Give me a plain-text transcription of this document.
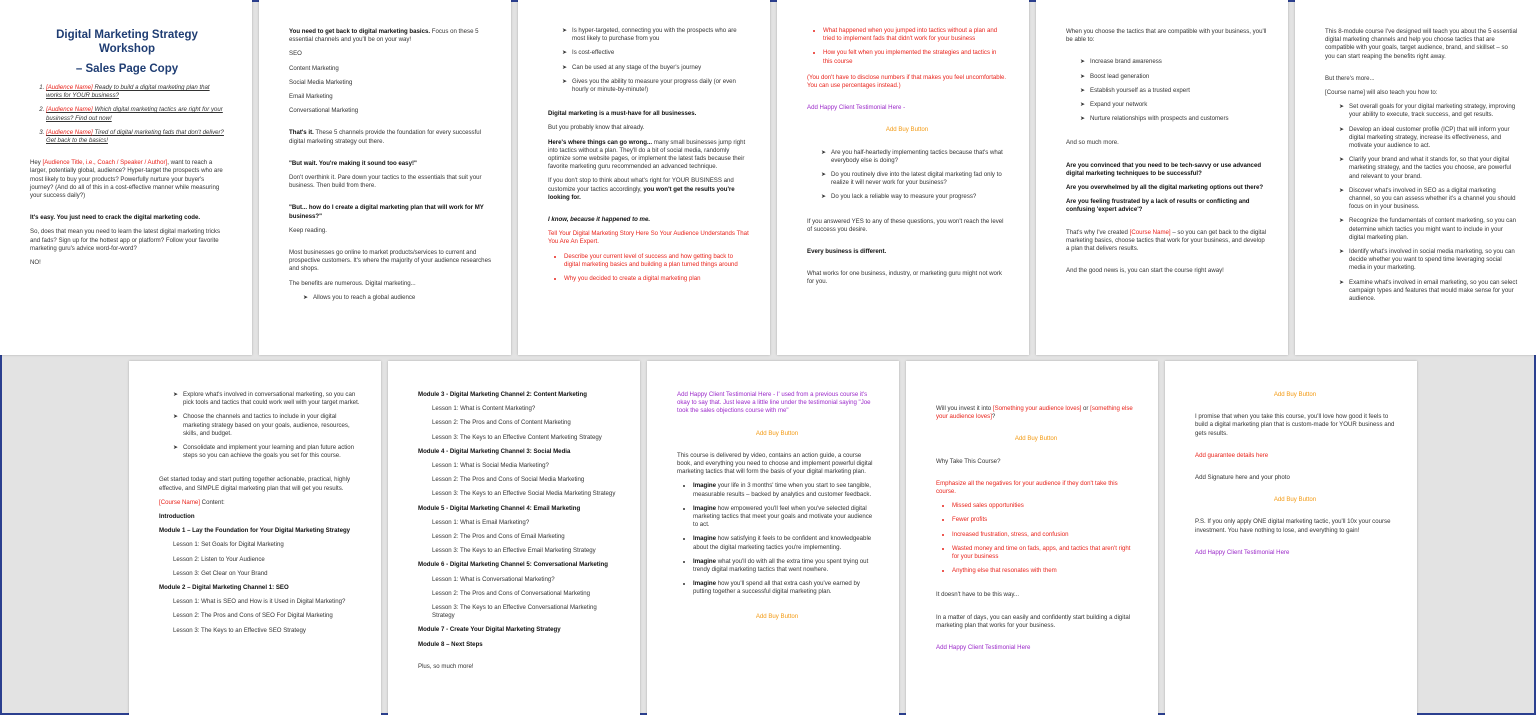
Digital Marketing Strategy
Workshop
– Sales Page Copy
1. [Audience Name] Ready to build a digital marketing plan that works for YOUR business?
2. [Audience Name] Which digital marketing tactics are right for your business? Find out now!
3. [Audience Name] Tired of digital marketing fads that don't deliver? Get back to the basics!

Hey [Audience Title, i.e., Coach / Speaker / Author], want to reach a larger, potentially global, audience? Hyper-target the prospects who are most likely to buy your products? Powerfully nurture your buyer's journey? (And do all of this in a cost-effective manner while measuring your success daily?)

It's easy. You just need to crack the digital marketing code.

So, does that mean you need to learn the latest digital marketing tricks and fads? Sign up for the hottest app or platform? Follow your favorite marketing guru's advice word-for-word?

NO!

You need to get back to digital marketing basics. Focus on these 5 essential channels and you'll be on your way!

SEO

Content Marketing

Social Media Marketing

Email Marketing

Conversational Marketing

That's it. These 5 channels provide the foundation for every successful digital marketing strategy out there.

"But wait. You're making it sound too easy!"

Don't overthink it. Pare down your tactics to the essentials that suit your business. Then build from there.

"But... how do I create a digital marketing plan that will work for MY business?"

Keep reading.

Most businesses go online to market products/services to current and prospective customers. It's where the majority of your audience researches and shops.

The benefits are numerous. Digital marketing...

➤ Allows you to reach a global audience
➤ Is hyper-targeted, connecting you with the prospects who are most likely to purchase from you
➤ Is cost-effective
➤ Can be used at any stage of the buyer's journey
➤ Gives you the ability to measure your progress daily (or even hourly or minute-by-minute!)

Digital marketing is a must-have for all businesses.

But you probably know that already.

Here's where things can go wrong... many small businesses jump right into tactics without a plan. They'll do a bit of social media, randomly optimize some website pages, or implement the latest fads because their favorite marketing guru recommended an advanced technique.

If you don't stop to think about what's right for YOUR BUSINESS and customize your tactics accordingly, you won't get the results you're looking for.

I know, because it happened to me.

Tell Your Digital Marketing Story Here So Your Audience Understands That You Are An Expert.

• Describe your current level of success and how getting back to digital marketing basics and building a plan turned things around
• Why you decided to create a digital marketing plan
• What happened when you jumped into tactics without a plan and tried to implement fads that didn't work for your business
• How you felt when you implemented the strategies and tactics in this course

(You don't have to disclose numbers if that makes you feel uncomfortable. You can use percentages instead.)

Add Happy Client Testimonial Here -

Add Buy Button

➤ Are you half-heartedly implementing tactics because that's what everybody else is doing?
➤ Do you routinely dive into the latest digital marketing fad only to realize it will never work for your business?
➤ Do you lack a reliable way to measure your progress?

If you answered YES to any of these questions, you won't reach the level of success you desire.

Every business is different.

What works for one business, industry, or marketing guru might not work for you.

When you choose the tactics that are compatible with your business, you'll be able to:

➤ Increase brand awareness
➤ Boost lead generation
➤ Establish yourself as a trusted expert
➤ Expand your network
➤ Nurture relationships with prospects and customers

And so much more.

Are you convinced that you need to be tech-savvy or use advanced digital marketing techniques to be successful?

Are you overwhelmed by all the digital marketing options out there?

Are you feeling frustrated by a lack of results or conflicting and confusing 'expert advice'?

That's why I've created [Course Name] – so you can get back to the digital marketing basics, choose tactics that work for your business, and develop a plan that delivers results.

And the good news is, you can start the course right away!

This 8-module course I've designed will teach you about the 5 essential digital marketing channels and help you choose tactics that are compatible with your goals, target audience, brand, and skillset – so you can start reaping the benefits right away.

But there's more...

[Course name] will also teach you how to:

➤ Set overall goals for your digital marketing strategy, improving your ability to execute, track success, and get results.
➤ Develop an ideal customer profile (ICP) that will inform your digital marketing strategy, increase its effectiveness, and motivate your audience to act.
➤ Clarify your brand and what it stands for, so that your digital marketing strategy, and the tactics you choose, are powerful and relevant to your brand.
➤ Discover what's involved in SEO as a digital marketing channel, so you can assess whether it's a channel you should focus on in your business.
➤ Recognize the fundamentals of content marketing, so you can determine which tactics you might want to include in your digital marketing plan.
➤ Identify what's involved in social media marketing, so you can decide whether you want to spend time leveraging social media in your marketing.
➤ Examine what's involved in email marketing, so you can select campaign types and features that would make sense for your audience.
➤ Explore what's involved in conversational marketing, so you can pick tools and tactics that could work well with your target market.
➤ Choose the channels and tactics to include in your digital marketing strategy based on your goals, audience, resources, skills, and budget.
➤ Consolidate and implement your learning and plan future action steps so you can achieve the goals you set for this course.

Get started today and start putting together actionable, practical, highly effective, and SIMPLE digital marketing plan that will get you results.

[Course Name] Content:

Introduction

Module 1 – Lay the Foundation for Your Digital Marketing Strategy

Lesson 1: Set Goals for Digital Marketing

Lesson 2: Listen to Your Audience

Lesson 3: Get Clear on Your Brand

Module 2 – Digital Marketing Channel 1: SEO

Lesson 1: What is SEO and How is it Used in Digital Marketing?

Lesson 2: The Pros and Cons of SEO For Digital Marketing

Lesson 3: The Keys to an Effective SEO Strategy

Module 3 - Digital Marketing Channel 2: Content Marketing

Lesson 1: What is Content Marketing?

Lesson 2: The Pros and Cons of Content Marketing

Lesson 3: The Keys to an Effective Content Marketing Strategy

Module 4 - Digital Marketing Channel 3: Social Media

Lesson 1: What is Social Media Marketing?

Lesson 2: The Pros and Cons of Social Media Marketing

Lesson 3: The Keys to an Effective Social Media Marketing Strategy

Module 5 - Digital Marketing Channel 4: Email Marketing

Lesson 1: What is Email Marketing?

Lesson 2: The Pros and Cons of Email Marketing

Lesson 3: The Keys to an Effective Email Marketing Strategy

Module 6 - Digital Marketing Channel 5: Conversational Marketing

Lesson 1: What is Conversational Marketing?

Lesson 2: The Pros and Cons of Conversational Marketing

Lesson 3: The Keys to an Effective Conversational Marketing Strategy

Module 7 - Create Your Digital Marketing Strategy

Module 8 – Next Steps

Plus, so much more!

Add Happy Client Testimonial Here - I' used from a previous course it's okay to say that. Just leave a little line under the testimonial saying "Joe took the sales objections course with me"

Add Buy Button

This course is delivered by video, contains an action guide, a course book, and everything you need to choose and implement powerful digital marketing tactics that will form the basis of your digital marketing plan.

• Imagine your life in 3 months' time when you start to see tangible, measurable results – backed by analytics and customer feedback.
• Imagine how empowered you'll feel when you've selected digital marketing tactics that meet your goals and motivate your audience to act.
• Imagine how satisfying it feels to be confident and knowledgeable about the digital marketing tactics you're implementing.
• Imagine what you'll do with all the extra time you spent trying out trendy digital marketing tactics that went nowhere.
• Imagine how you'll spend all that extra cash you've earned by putting together a successful digital marketing plan.

Add Buy Button

Will you invest it into [Something your audience loves] or [something else your audience loves]?

Add Buy Button

Why Take This Course?

Emphasize all the negatives for your audience if they don't take this course.

• Missed sales opportunities
• Fewer profits
• Increased frustration, stress, and confusion
• Wasted money and time on fads, apps, and tactics that aren't right for your business
• Anything else that resonates with them

It doesn't have to be this way...

In a matter of days, you can easily and confidently start building a digital marketing plan that works for your business.

Add Happy Client Testimonial Here

Add Buy Button

I promise that when you take this course, you'll love how good it feels to build a digital marketing plan that is custom-made for YOUR business and gets results.

Add guarantee details here

Add Signature here and your photo

Add Buy Button

P.S. If you only apply ONE digital marketing tactic, you'll 10x your course investment. You have nothing to lose, and everything to gain!

Add Happy Client Testimonial Here
